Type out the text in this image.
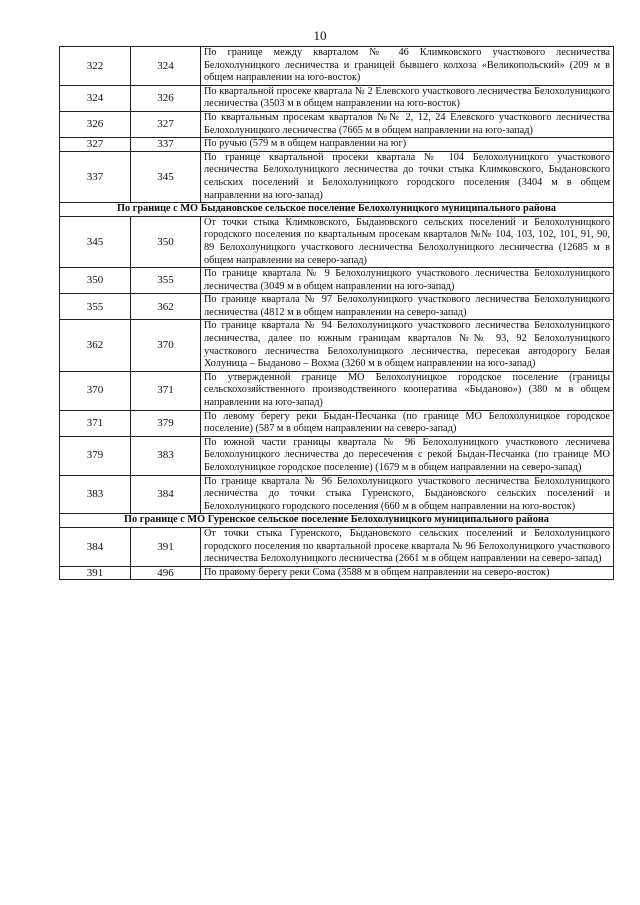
10
322	324	По границе между кварталом № 46 Климковского участкового лесничества Белохолуницкого лесничества и границей бывшего колхоза «Великопольский» (209 м в общем направлении на юго-восток)
324	326	По квартальной просеке квартала № 2 Елевского участкового лесничества Белохолуницкого лесничества (3503 м в общем направлении на юго-восток)
326	327	По квартальным просекам кварталов №№ 2, 12, 24 Елевского участкового лесничества Белохолуницкого лесничества (7665 м в общем направлении на юго-запад)
327	337	По ручью (579 м в общем направлении на юг)
337	345	По границе квартальной просеки квартала № 104 Белохолуницкого участкового лесничества Белохолуницкого лесничества до точки стыка Климковского, Быдановского сельских поселений и Белохолуницкого городского поселения (3404 м в общем направлении на юго-запад)
По границе с МО Быдановское сельское поселение Белохолуницкого муниципального района		
345	350	От точки стыка Климковского, Быдановского сельских поселений и Белохолуницкого городского поселения по квартальным просекам кварталов №№ 104, 103, 102, 101, 91, 90, 89 Белохолуницкого участкового лесничества Белохолуницкого лесничества (12685 м в общем направлении на северо-запад)
350	355	По границе квартала № 9 Белохолуницкого участкового лесничества Белохолуницкого лесничества (3049 м в общем направлении на юго-запад)
355	362	По границе квартала № 97 Белохолуницкого участкового лесничества Белохолуницкого лесничества (4812 м в общем направлении на северо-запад)
362	370	По границе квартала № 94 Белохолуницкого участкового лесничества Белохолуницкого лесничества, далее по южным границам кварталов №№ 93, 92 Белохолуницкого участкового лесничества Белохолуницкого лесничества, пересекая автодорогу Белая Холуница – Быданово – Вохма (3260 м в общем направлении на юго-запад)
370	371	По утвержденной границе МО Белохолуницкое городское поселение (границы сельскохозяйственного производственного кооператива «Быданово») (380 м в общем направлении на юго-запад)
371	379	По левому берегу реки Быдан-Песчанка (по границе МО Белохолуницкое городское поселение) (587 м в общем направлении на северо-запад)
379	383	По южной части границы квартала № 96 Белохолуницкого участкового лесничева Белохолуницкого лесничества до пересечения с рекой Быдан-Песчанка (по границе МО Белохолуницкое городское поселение) (1679 м в общем направлении на северо-запад)
383	384	По границе квартала № 96 Белохолуницкого участкового лесничества Белохолуницкого лесничества до точки стыка Гуренского, Быдановского сельских поселений и Белохолуницкого городского поселения (660 м в общем направлении на юго-восток)
По границе с МО Гуренское сельское поселение Белохолуницкого муниципального района		
384	391	От точки стыка Гуренского, Быдановского сельских поселений и Белохолуницкого городского поселения по квартальной просеке квартала № 96 Белохолуницкого участкового лесничества Белохолуницкого лесничества (2661 м в общем направлении на северо-запад)
391	496	По правому берегу реки Сома (3588 м в общем направлении на северо-восток)
